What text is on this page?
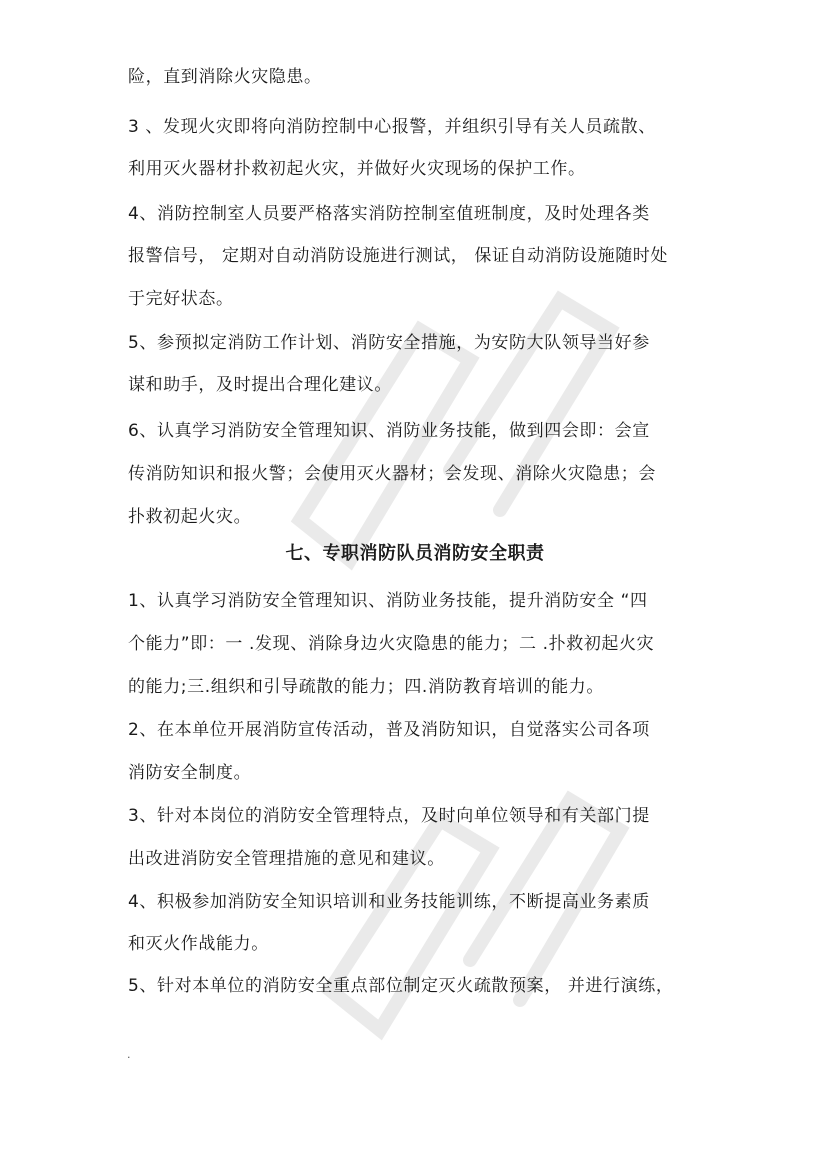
险，直到消除火灾隐患。
3 、发现火灾即将向消防控制中心报警，并组织引导有关人员疏散、
利用灭火器材扑救初起火灾，并做好火灾现场的保护工作。
4、消防控制室人员要严格落实消防控制室值班制度，及时处理各类
报警信号， 定期对自动消防设施进行测试， 保证自动消防设施随时处
于完好状态。
5、参预拟定消防工作计划、消防安全措施，为安防大队领导当好参
谋和助手，及时提出合理化建议。
6、认真学习消防安全管理知识、消防业务技能，做到四会即：会宣
传消防知识和报火警；会使用灭火器材；会发现、消除火灾隐患；会
扑救初起火灾。
七、专职消防队员消防安全职责
1、认真学习消防安全管理知识、消防业务技能，提升消防安全 “四
个能力”即：一 .发现、消除身边火灾隐患的能力；二 .扑救初起火灾
的能力;三.组织和引导疏散的能力；四.消防教育培训的能力。
2、在本单位开展消防宣传活动，普及消防知识，自觉落实公司各项
消防安全制度。
3、针对本岗位的消防安全管理特点，及时向单位领导和有关部门提
出改进消防安全管理措施的意见和建议。
4、积极参加消防安全知识培训和业务技能训练，不断提高业务素质
和灭火作战能力。
5、针对本单位的消防安全重点部位制定灭火疏散预案， 并进行演练，
.
